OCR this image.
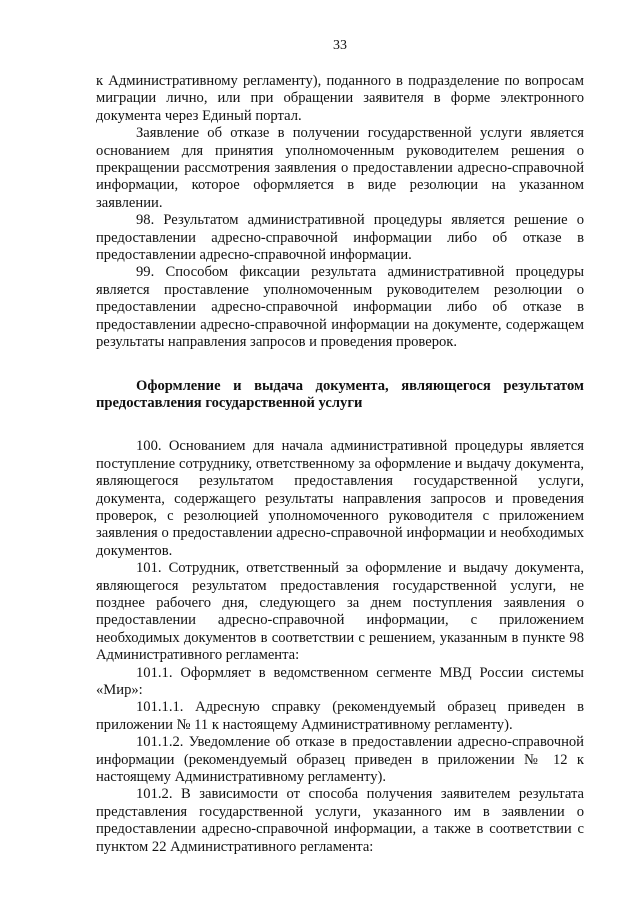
33

к Административному регламенту), поданного в подразделение по вопросам миграции лично, или при обращении заявителя в форме электронного документа через Единый портал.

Заявление об отказе в получении государственной услуги является основанием для принятия уполномоченным руководителем решения о прекращении рассмотрения заявления о предоставлении адресно-справочной информации, которое оформляется в виде резолюции на указанном заявлении.

98. Результатом административной процедуры является решение о предоставлении адресно-справочной информации либо об отказе в предоставлении адресно-справочной информации.

99. Способом фиксации результата административной процедуры является проставление уполномоченным руководителем резолюции о предоставлении адресно-справочной информации либо об отказе в предоставлении адресно-справочной информации на документе, содержащем результаты направления запросов и проведения проверок.

Оформление и выдача документа, являющегося результатом предоставления государственной услуги

100. Основанием для начала административной процедуры является поступление сотруднику, ответственному за оформление и выдачу документа, являющегося результатом предоставления государственной услуги, документа, содержащего результаты направления запросов и проведения проверок, с резолюцией уполномоченного руководителя с приложением заявления о предоставлении адресно-справочной информации и необходимых документов.

101. Сотрудник, ответственный за оформление и выдачу документа, являющегося результатом предоставления государственной услуги, не позднее рабочего дня, следующего за днем поступления заявления о предоставлении адресно-справочной информации, с приложением необходимых документов в соответствии с решением, указанным в пункте 98 Административного регламента:

101.1. Оформляет в ведомственном сегменте МВД России системы «Мир»:

101.1.1. Адресную справку (рекомендуемый образец приведен в приложении № 11 к настоящему Административному регламенту).

101.1.2. Уведомление об отказе в предоставлении адресно-справочной информации (рекомендуемый образец приведен в приложении № 12 к настоящему Административному регламенту).

101.2. В зависимости от способа получения заявителем результата представления государственной услуги, указанного им в заявлении о предоставлении адресно-справочной информации, а также в соответствии с пунктом 22 Административного регламента:
